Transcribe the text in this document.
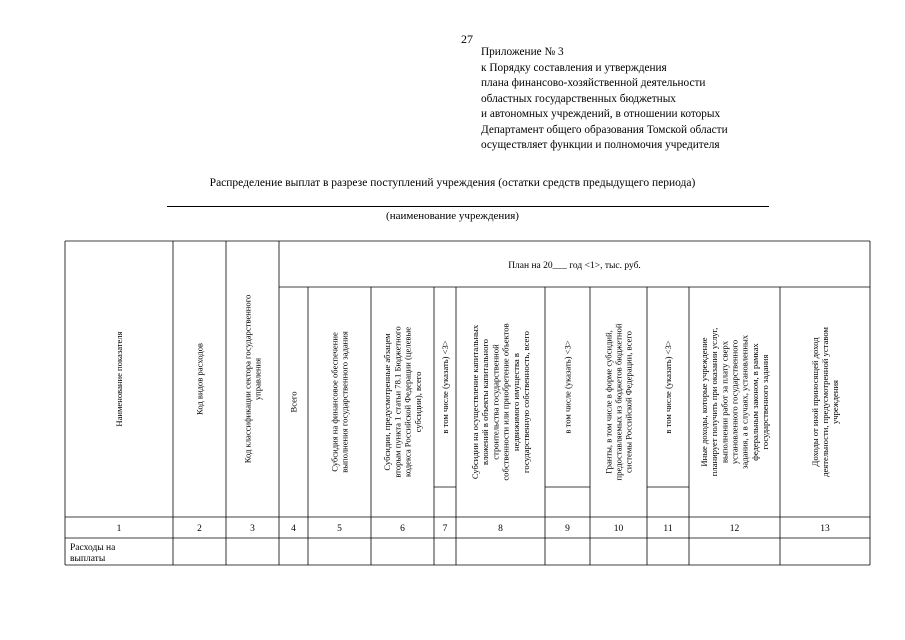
27
Приложение № 3
к Порядку составления и утверждения
плана финансово-хозяйственной деятельности
областных государственных бюджетных
и автономных учреждений, в отношении которых
Департамент общего образования Томской области
осуществляет функции и полномочия учредителя
Распределение выплат в разрезе поступлений учреждения (остатки средств предыдущего периода)
(наименование учреждения)
План на 20___ год <1>, тыс. руб.
Наименование показателя
1
Код видов расходов
2
Код классификации сектора государственного управления
3
Всего
4
Субсидия на финансовое обеспечение выполнения государственного задания
5
Субсидии, предусмотренные абзацем вторым пункта 1 статьи 78.1 Бюджетного кодекса Российской Федерации (целевые субсидии), всего
6
в том числе (указать) <3>
7
Субсидии на осуществление капитальных вложений в объекты капитального строительства государственной собственности или приобретение объектов недвижимого имущества в государственную собственность, всего
8
в том числе (указать) <3>
9
Гранты, в том числе в форме субсидий, предоставляемых из бюджетов бюджетной системы Российской Федерации, всего
10
в том числе (указать) <3>
11
Иные доходы, которые учреждение планирует получить при оказании услуг, выполнении работ за плату сверх установленного государственного задания, а в случаях, установленных федеральным законом, в рамках государственного задания
12
Доходы от иной приносящей доход деятельности, предусмотренной уставом учреждения
13
Расходы на
выплаты
